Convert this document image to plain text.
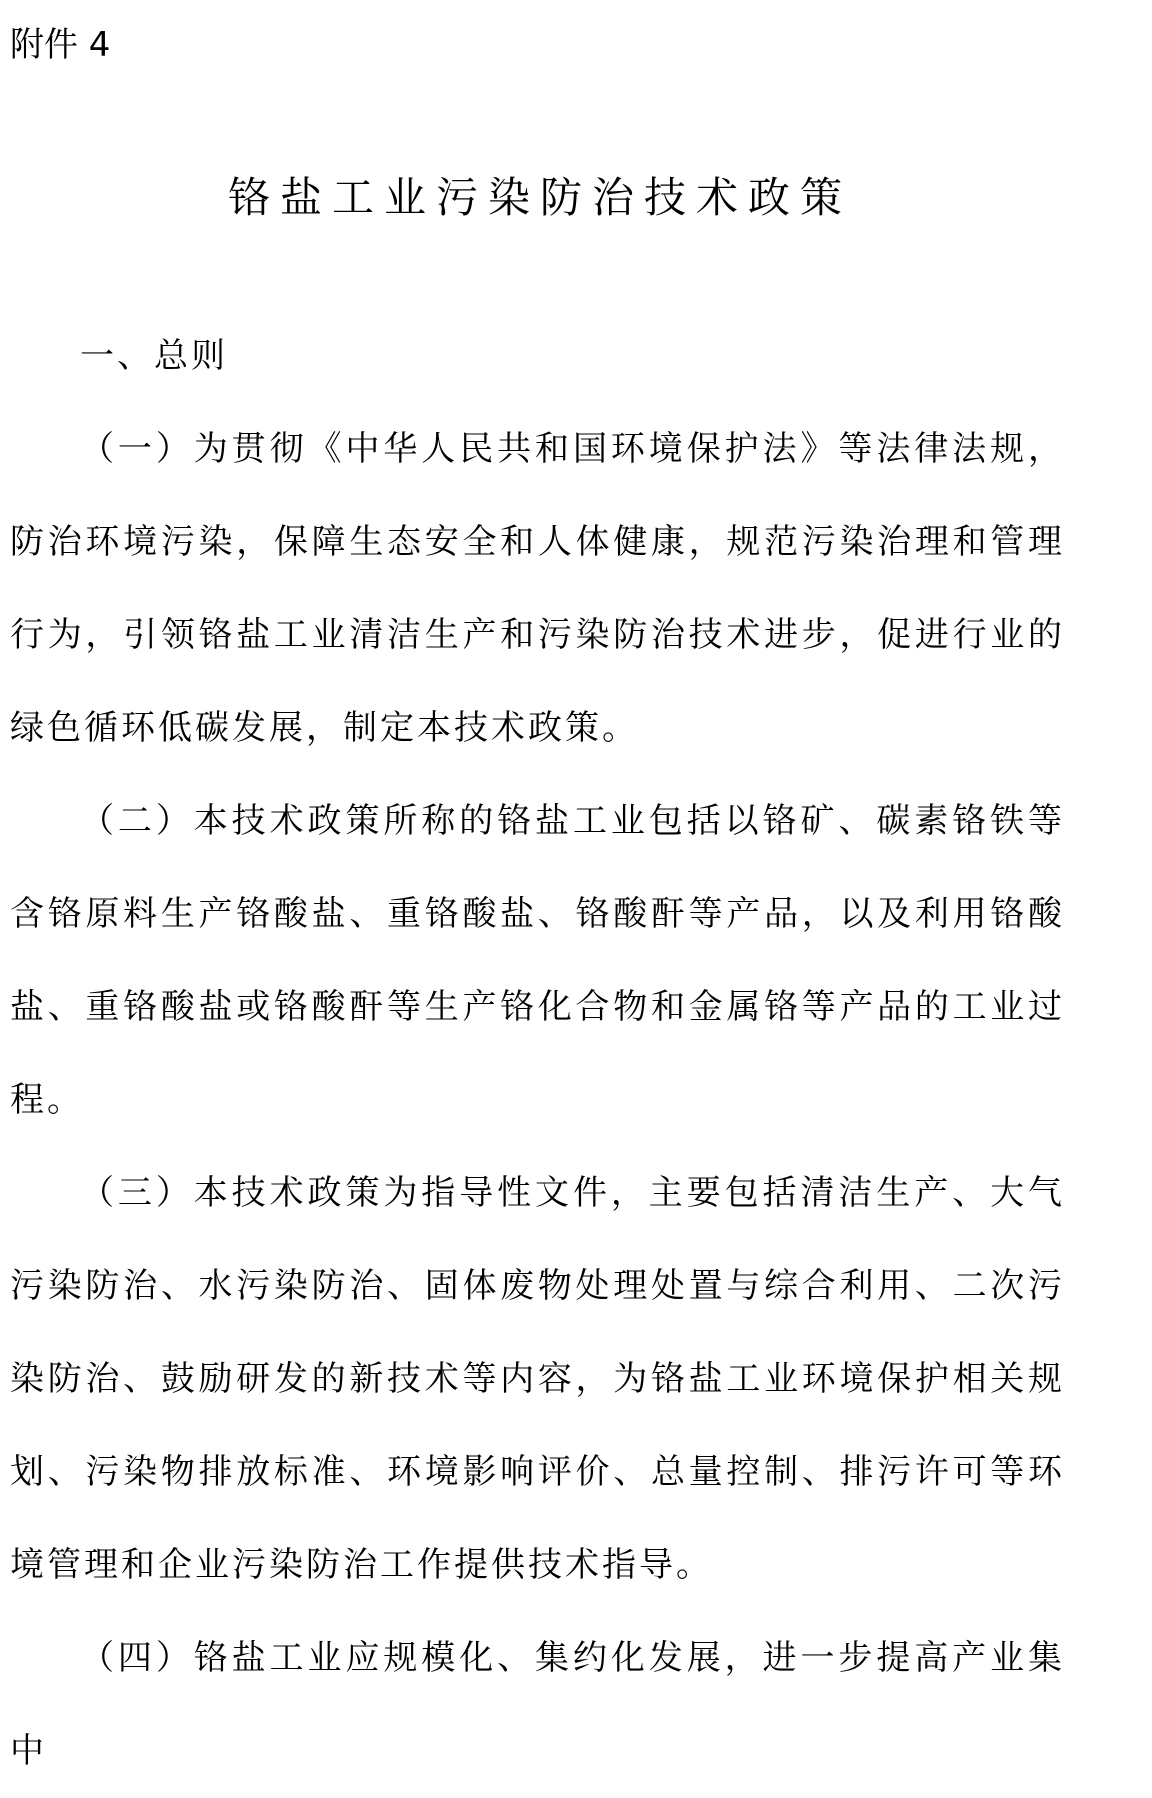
附件 4

铬盐工业污染防治技术政策
一、总则

（一）为贯彻《中华人民共和国环境保护法》等法律法规，防治环境污染，保障生态安全和人体健康，规范污染治理和管理行为，引领铬盐工业清洁生产和污染防治技术进步，促进行业的绿色循环低碳发展，制定本技术政策。

（二）本技术政策所称的铬盐工业包括以铬矿、碳素铬铁等含铬原料生产铬酸盐、重铬酸盐、铬酸酐等产品，以及利用铬酸盐、重铬酸盐或铬酸酐等生产铬化合物和金属铬等产品的工业过程。

（三）本技术政策为指导性文件，主要包括清洁生产、大气污染防治、水污染防治、固体废物处理处置与综合利用、二次污染防治、鼓励研发的新技术等内容，为铬盐工业环境保护相关规划、污染物排放标准、环境影响评价、总量控制、排污许可等环境管理和企业污染防治工作提供技术指导。

（四）铬盐工业应规模化、集约化发展，进一步提高产业集中
